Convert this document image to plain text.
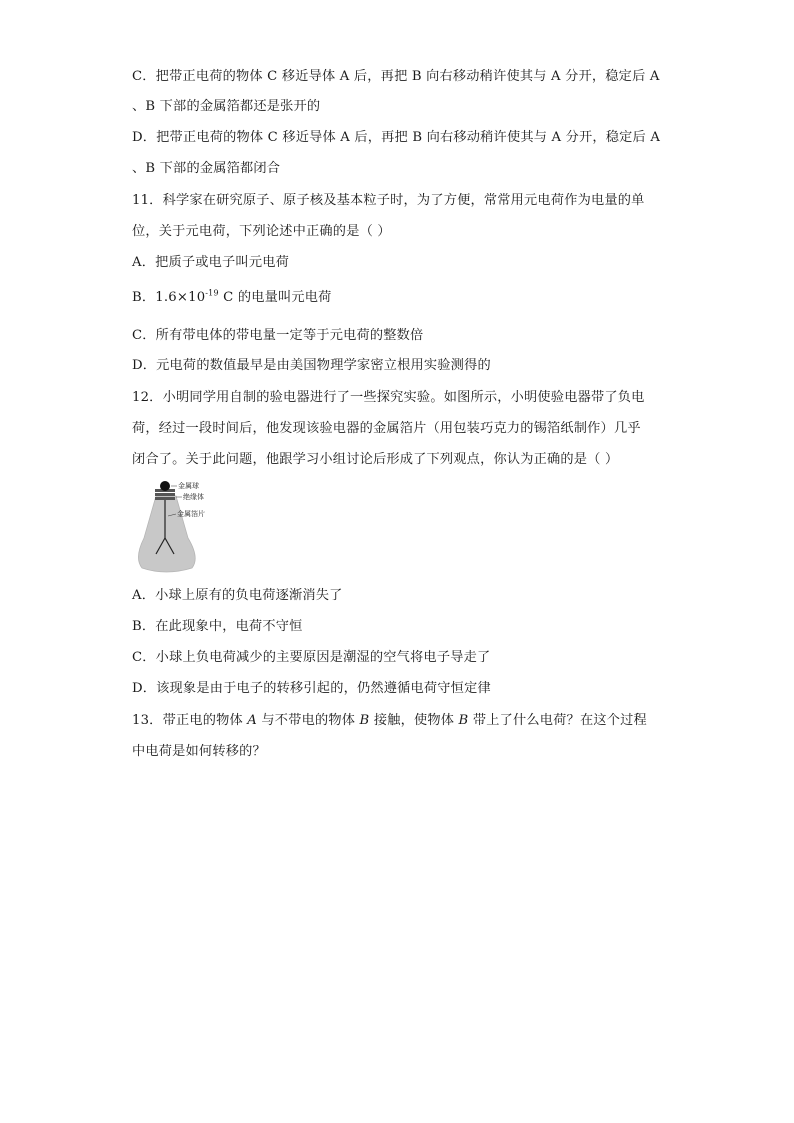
C．把带正电荷的物体 C 移近导体 A 后，再把 B 向右移动稍许使其与 A 分开，稳定后 A
、B 下部的金属箔都还是张开的
D．把带正电荷的物体 C 移近导体 A 后，再把 B 向右移动稍许使其与 A 分开，稳定后 A
、B 下部的金属箔都闭合
11．科学家在研究原子、原子核及基本粒子时，为了方便，常常用元电荷作为电量的单
位，关于元电荷，下列论述中正确的是（ ）
A．把质子或电子叫元电荷
B．$1.6\times 10^{-19}$ C 的电量叫元电荷
C．所有带电体的带电量一定等于元电荷的整数倍
D．元电荷的数值最早是由美国物理学家密立根用实验测得的
12．小明同学用自制的验电器进行了一些探究实验。如图所示，小明使验电器带了负电
荷，经过一段时间后，他发现该验电器的金属箔片（用包装巧克力的锡箔纸制作）几乎
闭合了。关于此问题，他跟学习小组讨论后形成了下列观点，你认为正确的是（ ）
金属球
绝缘体
金属箔片
A．小球上原有的负电荷逐渐消失了
B．在此现象中，电荷不守恒
C．小球上负电荷减少的主要原因是潮湿的空气将电子导走了
D．该现象是由于电子的转移引起的，仍然遵循电荷守恒定律
13．带正电的物体 A 与不带电的物体 B 接触，使物体 B 带上了什么电荷？在这个过程
中电荷是如何转移的？
